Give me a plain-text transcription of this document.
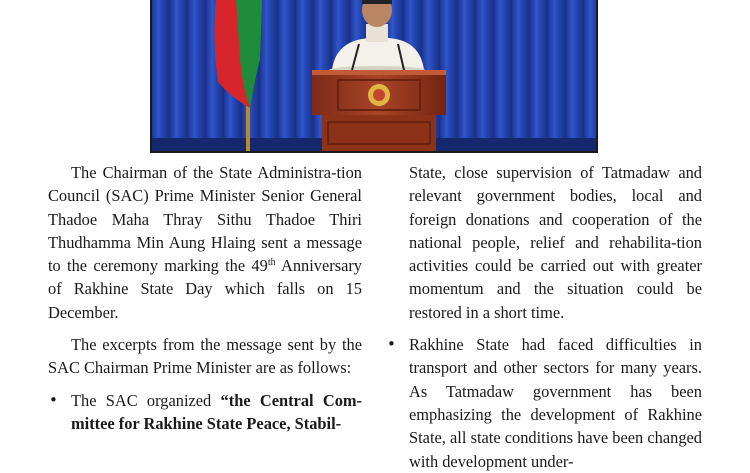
The Chairman of the State Administra-tion Council (SAC) Prime Minister Senior General Thadoe Maha Thray Sithu Thadoe Thiri Thudhamma Min Aung Hlaing sent a message to the ceremony marking the 49th Anniversary of Rakhine State Day which falls on 15 December.

The excerpts from the message sent by the SAC Chairman Prime Minister are as follows:

• The SAC organized “the Central Com-mittee for Rakhine State Peace, Stabil-

State, close supervision of Tatmadaw and relevant government bodies, local and foreign donations and cooperation of the national people, relief and rehabilita-tion activities could be carried out with greater momentum and the situation could be restored in a short time.

• Rakhine State had faced difficulties in transport and other sectors for many years. As Tatmadaw government has been emphasizing the development of Rakhine State, all state conditions have been changed with development under-
